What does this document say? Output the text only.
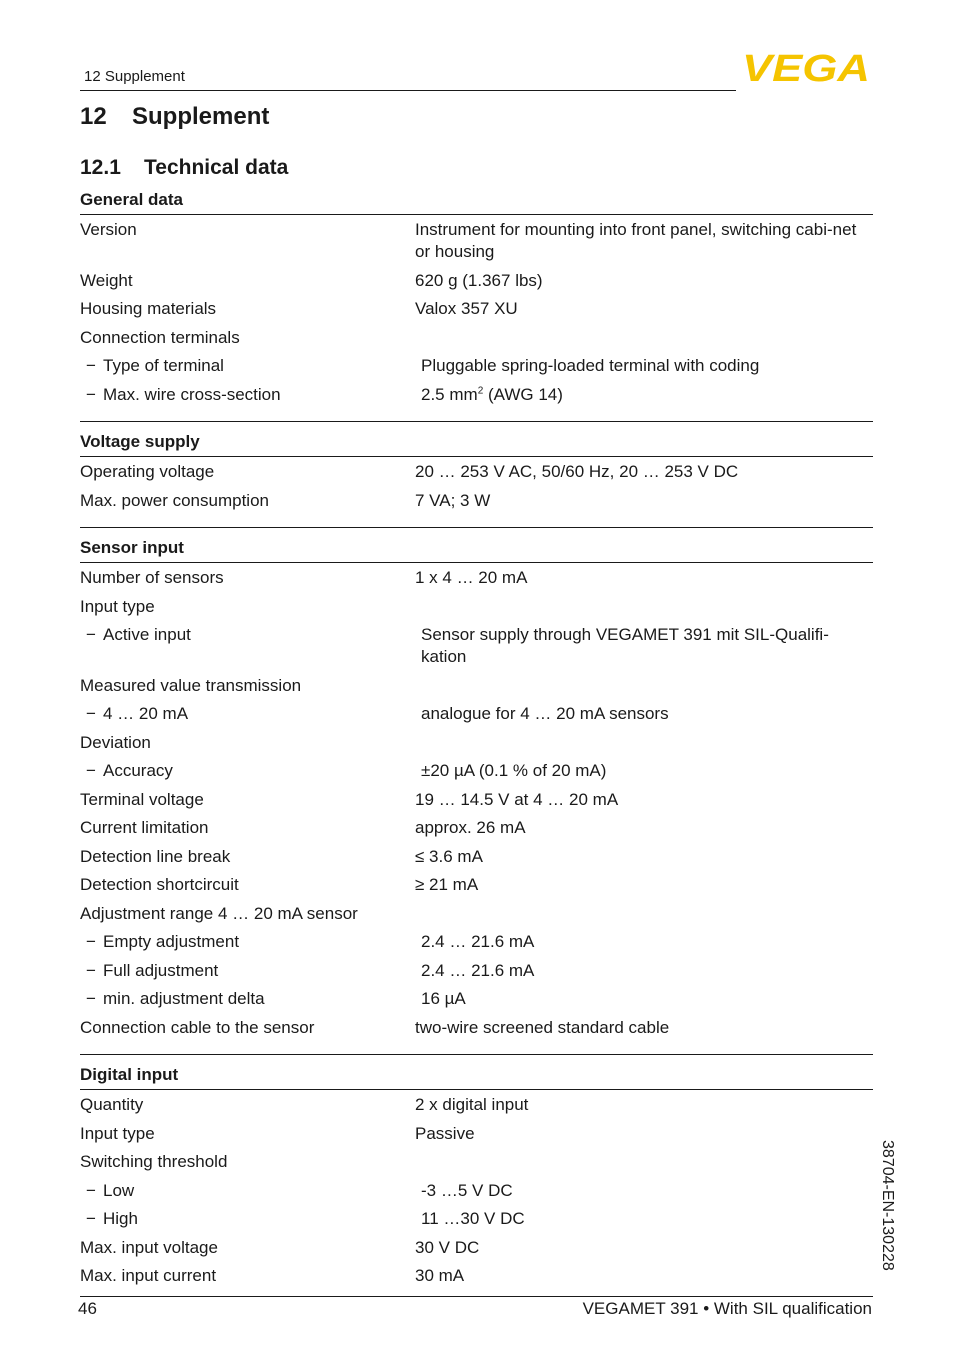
12 Supplement	VEGA
12 Supplement
12.1 Technical data
General data
Version	Instrument for mounting into front panel, switching cabi-net or housing
Weight	620 g (1.367 lbs)
Housing materials	Valox 357 XU
Connection terminals
− Type of terminal	Pluggable spring-loaded terminal with coding
− Max. wire cross-section	2.5 $mm^2$ (AWG 14)
Voltage supply
Operating voltage	20 … 253 V AC, 50/60 Hz, 20 … 253 V DC
Max. power consumption	7 VA; 3 W
Sensor input
Number of sensors	1 x 4 … 20 mA
Input type
− Active input	Sensor supply through VEGAMET 391 mit SIL-Qualifi-kation
Measured value transmission
− 4 … 20 mA	analogue for 4 … 20 mA sensors
Deviation
− Accuracy	±20 µA (0.1 % of 20 mA)
Terminal voltage	19 … 14.5 V at 4 … 20 mA
Current limitation	approx. 26 mA
Detection line break	≤ 3.6 mA
Detection shortcircuit	≥ 21 mA
Adjustment range 4 … 20 mA sensor
− Empty adjustment	2.4 … 21.6 mA
− Full adjustment	2.4 … 21.6 mA
− min. adjustment delta	16 µA
Connection cable to the sensor	two-wire screened standard cable
Digital input
Quantity	2 x digital input
Input type	Passive
Switching threshold
− Low	-3 …5 V DC
− High	11 …30 V DC
Max. input voltage	30 V DC
Max. input current	30 mA
38704-EN-130228
46	VEGAMET 391 • With SIL qualification
